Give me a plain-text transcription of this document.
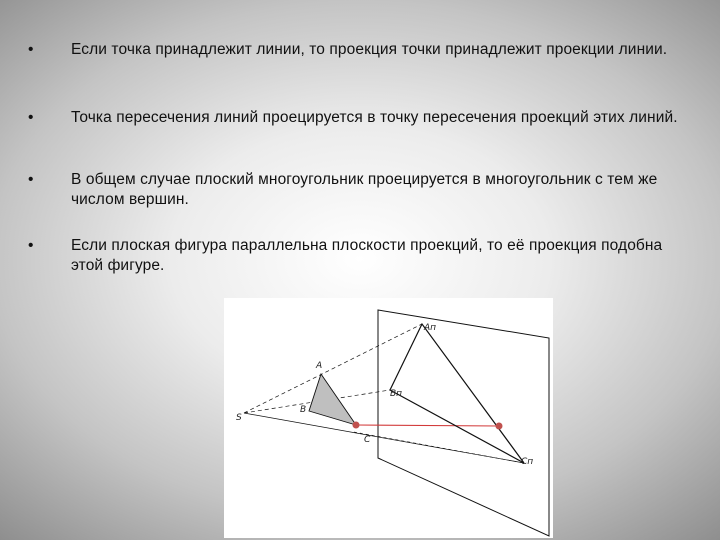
•	Если точка принадлежит линии, то проекция точки принадлежит проекции линии.
•	Точка пересечения линий проецируется в точку пересечения проекций этих линий.
•	В общем случае плоский многоугольник проецируется в многоугольник с тем же числом вершин.
•	Если плоская фигура параллельна плоскости проекций, то её проекция подобна этой фигуре.
S
A
B
C
Aп
Bп
Cп
